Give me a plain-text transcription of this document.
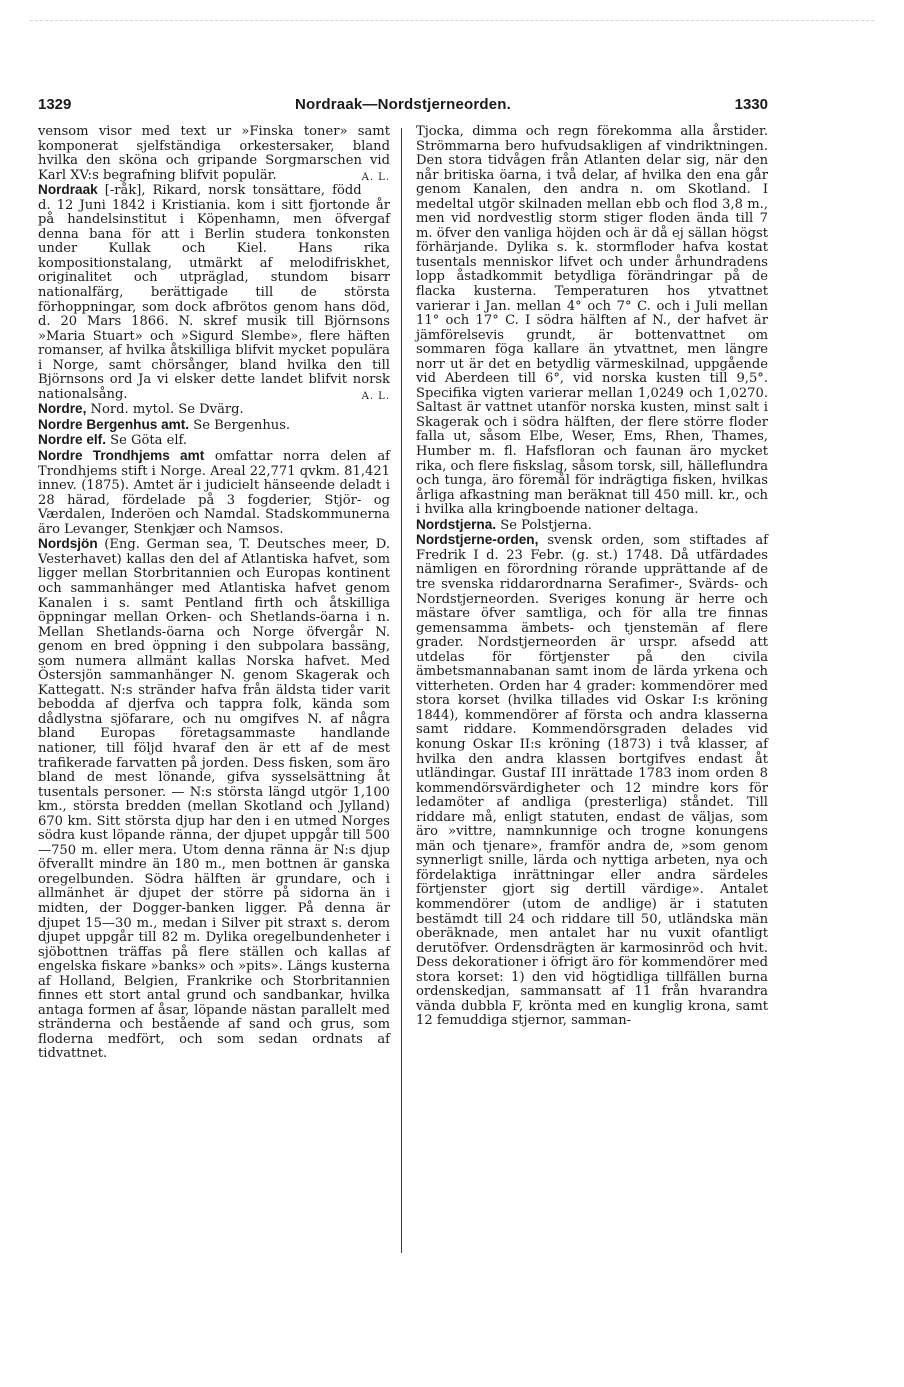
1329	Nordraak—Nordstjerneorden.	1330

vensom visor med text ur »Finska toner» samt komponerat sjelfständiga orkestersaker, bland hvilka den sköna och gripande Sorgmarschen vid Karl XV:s begrafning blifvit populär.	A. L.

Nordraak [-råk], Rikard, norsk tonsättare, född d. 12 Juni 1842 i Kristiania. kom i sitt fjortonde år på handelsinstitut i Köpenhamn, men öfvergaf denna bana för att i Berlin studera tonkonsten under Kullak och Kiel. Hans rika kompositionstalang, utmärkt af melodifriskhet, originalitet och utpräglad, stundom bisarr nationalfärg, berättigade till de största förhoppningar, som dock afbrötos genom hans död, d. 20 Mars 1866. N. skref musik till Björnsons »Maria Stuart» och »Sigurd Slembe», flere häften romanser, af hvilka åtskilliga blifvit mycket populära i Norge, samt chörsånger, bland hvilka den till Björnsons ord Ja vi elsker dette landet blifvit norsk nationalsång.	A. L.

Nordre, Nord. mytol. Se Dvärg.

Nordre Bergenhus amt. Se Bergenhus.

Nordre elf. Se Göta elf.

Nordre Trondhjems amt omfattar norra delen af Trondhjems stift i Norge. Areal 22,771 qvkm. 81,421 innev. (1875). Amtet är i judicielt hänseende deladt i 28 härad, fördelade på 3 fogderier, Stjör- og Værdalen, Inderöen och Namdal. Stadskommunerna äro Levanger, Stenkjær och Namsos.

Nordsjön (Eng. German sea, T. Deutsches meer, D. Vesterhavet) kallas den del af Atlantiska hafvet, som ligger mellan Storbritannien och Europas kontinent och sammanhänger med Atlantiska hafvet genom Kanalen i s. samt Pentland firth och åtskilliga öppningar mellan Orken- och Shetlands-öarna i n. Mellan Shetlands-öarna och Norge öfvergår N. genom en bred öppning i den subpolara bassäng, som numera allmänt kallas Norska hafvet. Med Östersjön sammanhänger N. genom Skagerak och Kattegatt. N:s stränder hafva från äldsta tider varit bebodda af djerfva och tappra folk, kända som dådlystna sjöfarare, och nu omgifves N. af några bland Europas företagsammaste handlande nationer, till följd hvaraf den är ett af de mest trafikerade farvatten på jorden. Dess fisken, som äro bland de mest lönande, gifva sysselsättning åt tusentals personer. — N:s största längd utgör 1,100 km., största bredden (mellan Skotland och Jylland) 670 km. Sitt största djup har den i en utmed Norges södra kust löpande ränna, der djupet uppgår till 500—750 m. eller mera. Utom denna ränna är N:s djup öfverallt mindre än 180 m., men bottnen är ganska oregelbunden. Södra hälften är grundare, och i allmänhet är djupet der större på sidorna än i midten, der Dogger-banken ligger. På denna är djupet 15—30 m., medan i Silver pit straxt s. derom djupet uppgår till 82 m. Dylika oregelbundenheter i sjöbottnen träffas på flere ställen och kallas af engelska fiskare »banks» och »pits». Längs kusterna af Holland, Belgien, Frankrike och Storbritannien finnes ett stort antal grund och sandbankar, hvilka antaga formen af åsar, löpande nästan parallelt med stränderna och bestående af sand och grus, som floderna medfört, och som sedan ordnats af tidvattnet.

Tjocka, dimma och regn förekomma alla årstider. Strömmarna bero hufvudsakligen af vindriktningen. Den stora tidvågen från Atlanten delar sig, när den når britiska öarna, i två delar, af hvilka den ena går genom Kanalen, den andra n. om Skotland. I medeltal utgör skilnaden mellan ebb och flod 3,8 m., men vid nordvestlig storm stiger floden ända till 7 m. öfver den vanliga höjden och är då ej sällan högst förhärjande. Dylika s. k. stormfloder hafva kostat tusentals menniskor lifvet och under århundradens lopp åstadkommit betydliga förändringar på de flacka kusterna. Temperaturen hos ytvattnet varierar i Jan. mellan 4° och 7° C. och i Juli mellan 11° och 17° C. I södra hälften af N., der hafvet är jämförelsevis grundt, är bottenvattnet om sommaren föga kallare än ytvattnet, men längre norr ut är det en betydlig värmeskilnad, uppgående vid Aberdeen till 6°, vid norska kusten till 9,5°. Specifika vigten varierar mellan 1,0249 och 1,0270. Saltast är vattnet utanför norska kusten, minst salt i Skagerak och i södra hälften, der flere större floder falla ut, såsom Elbe, Weser, Ems, Rhen, Thames, Humber m. fl. Hafsfloran och faunan äro mycket rika, och flere fiskslag, såsom torsk, sill, hälleflundra och tunga, äro föremål för indrägtiga fisken, hvilkas årliga afkastning man beräknat till 450 mill. kr., och i hvilka alla kringboende nationer deltaga.

Nordstjerna. Se Polstjerna.

Nordstjerne-orden, svensk orden, som stiftades af Fredrik I d. 23 Febr. (g. st.) 1748. Då utfärdades nämligen en förordning rörande upprättande af de tre svenska riddarordnarna Serafimer-, Svärds- och Nordstjerneorden. Sveriges konung är herre och mästare öfver samtliga, och för alla tre finnas gemensamma ämbets- och tjenstemän af flere grader. Nordstjerneorden är urspr. afsedd att utdelas för förtjenster på den civila ämbetsmannabanan samt inom de lärda yrkena och vitterheten. Orden har 4 grader: kommendörer med stora korset (hvilka tillades vid Oskar I:s kröning 1844), kommendörer af första och andra klasserna samt riddare. Kommendörsgraden delades vid konung Oskar II:s kröning (1873) i två klasser, af hvilka den andra klassen bortgifves endast åt utländingar. Gustaf III inrättade 1783 inom orden 8 kommendörsvärdigheter och 12 mindre kors för ledamöter af andliga (presterliga) ståndet. Till riddare må, enligt statuten, endast de väljas, som äro »vittre, namnkunnige och trogne konungens män och tjenare», framför andra de, »som genom synnerligt snille, lärda och nyttiga arbeten, nya och fördelaktiga inrättningar eller andra särdeles förtjenster gjort sig dertill värdige». Antalet kommendörer (utom de andlige) är i statuten bestämdt till 24 och riddare till 50, utländska män oberäknade, men antalet har nu vuxit ofantligt derutöfver. Ordensdrägten är karmosinröd och hvit. Dess dekorationer i öfrigt äro för kommendörer med stora korset: 1) den vid högtidliga tillfällen burna ordenskedjan, sammansatt af 11 från hvarandra vända dubbla F, krönta med en kunglig krona, samt 12 femuddiga stjernor, samman-
